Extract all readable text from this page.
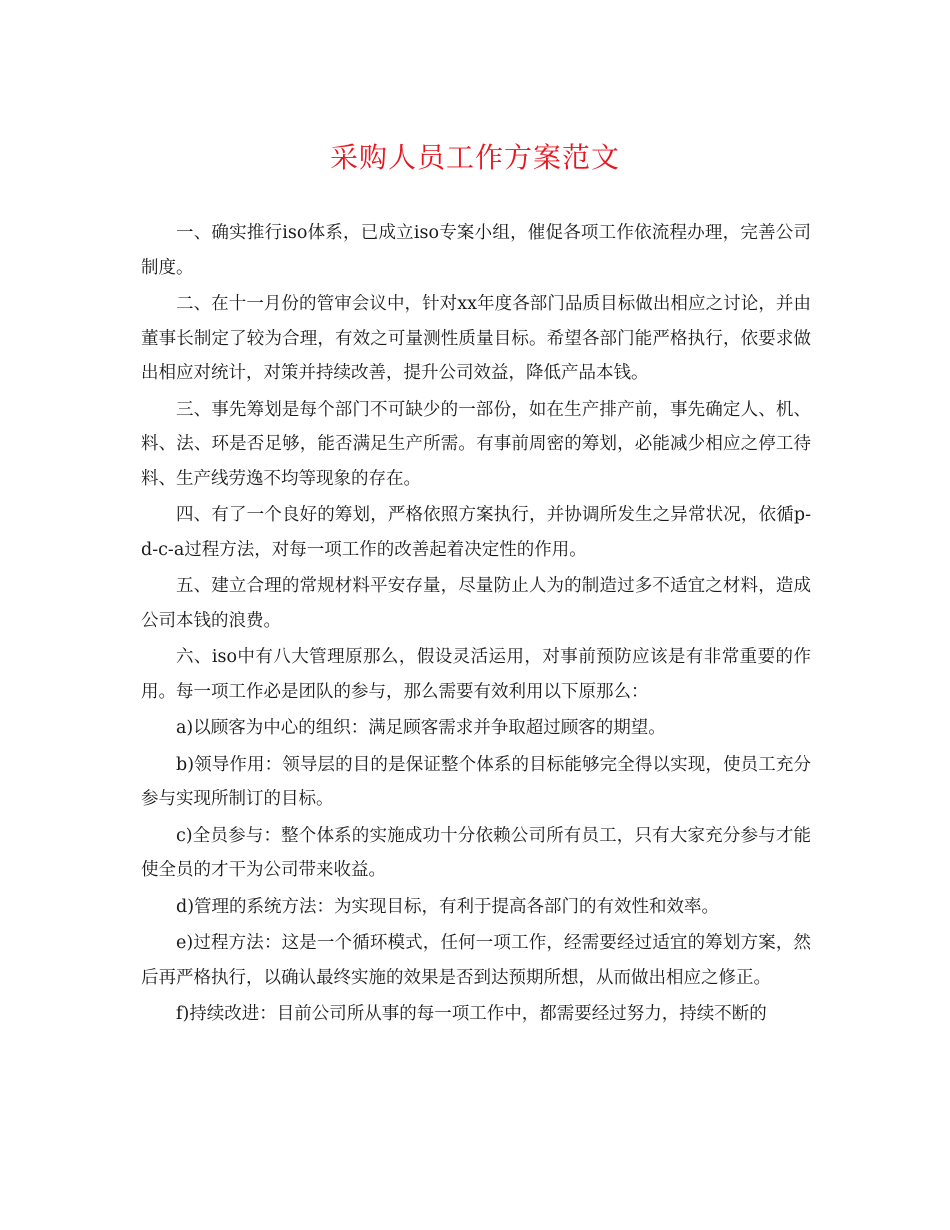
采购人员工作方案范文

一、确实推行iso体系，已成立iso专案小组，催促各项工作依流程办理，完善公司制度。

二、在十一月份的管审会议中，针对xx年度各部门品质目标做出相应之讨论，并由董事长制定了较为合理，有效之可量测性质量目标。希望各部门能严格执行，依要求做出相应对统计，对策并持续改善，提升公司效益，降低产品本钱。

三、事先筹划是每个部门不可缺少的一部份，如在生产排产前，事先确定人、机、料、法、环是否足够，能否满足生产所需。有事前周密的筹划，必能减少相应之停工待料、生产线劳逸不均等现象的存在。

四、有了一个良好的筹划，严格依照方案执行，并协调所发生之异常状况，依循p-d-c-a过程方法，对每一项工作的改善起着决定性的作用。

五、建立合理的常规材料平安存量，尽量防止人为的制造过多不适宜之材料，造成公司本钱的浪费。

六、iso中有八大管理原那么，假设灵活运用，对事前预防应该是有非常重要的作用。每一项工作必是团队的参与，那么需要有效利用以下原那么：

a)以顾客为中心的组织：满足顾客需求并争取超过顾客的期望。

b)领导作用：领导层的目的是保证整个体系的目标能够完全得以实现，使员工充分参与实现所制订的目标。

c)全员参与：整个体系的实施成功十分依赖公司所有员工，只有大家充分参与才能使全员的才干为公司带来收益。

d)管理的系统方法：为实现目标，有利于提高各部门的有效性和效率。

e)过程方法：这是一个循环模式，任何一项工作，经需要经过适宜的筹划方案，然后再严格执行，以确认最终实施的效果是否到达预期所想，从而做出相应之修正。

f)持续改进：目前公司所从事的每一项工作中，都需要经过努力，持续不断的
